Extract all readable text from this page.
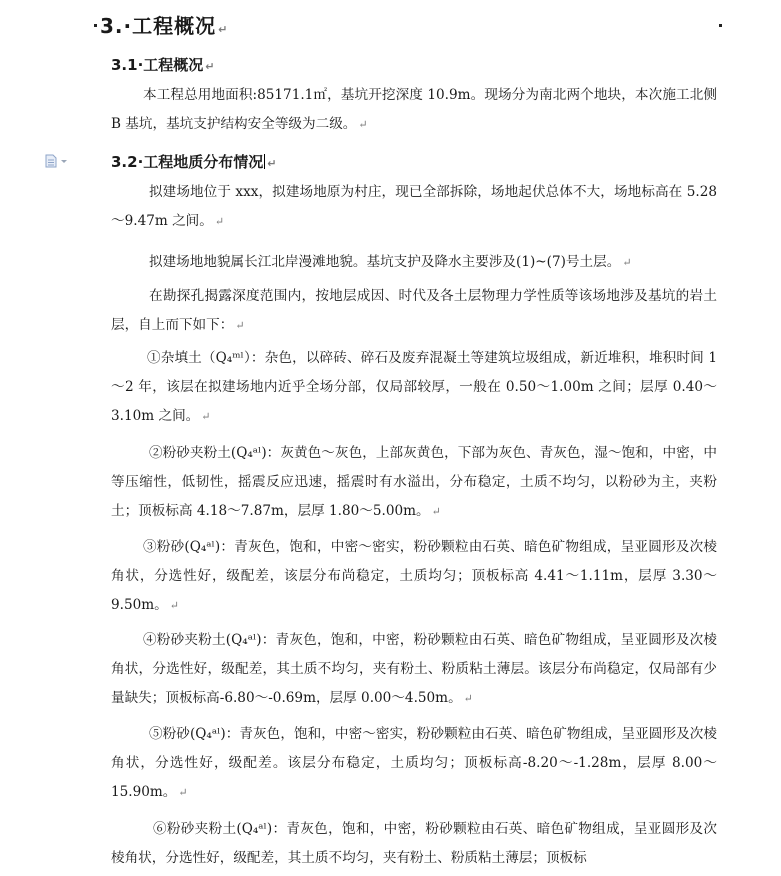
3.·工程概况 ↵
3.1·工程概况 ↵
本工程总用地面积:85171.1㎡，基坑开挖深度 10.9m。现场分为南北两个地块，本次施工北侧 B 基坑，基坑支护结构安全等级为二级。 ↵
3.2·工程地质分布情况 ↵
拟建场地位于 xxx，拟建场地原为村庄，现已全部拆除，场地起伏总体不大，场地标高在 5.28～9.47m 之间。 ↵
拟建场地地貌属长江北岸漫滩地貌。基坑支护及降水主要涉及(1)~(7)号土层。 ↵
在勘探孔揭露深度范围内，按地层成因、时代及各土层物理力学性质等该场地涉及基坑的岩土层，自上而下如下： ↵
①杂填土（Q₄ᵐˡ）：杂色，以碎砖、碎石及废弃混凝土等建筑垃圾组成，新近堆积，堆积时间 1～2 年，该层在拟建场地内近乎全场分部，仅局部较厚，一般在 0.50～1.00m 之间；层厚 0.40～3.10m 之间。 ↵
②粉砂夹粉土(Q₄ᵃˡ)：灰黄色～灰色，上部灰黄色，下部为灰色、青灰色，湿～饱和，中密，中等压缩性，低韧性，摇震反应迅速，摇震时有水溢出，分布稳定，土质不均匀，以粉砂为主，夹粉土；顶板标高 4.18～7.87m，层厚 1.80～5.00m。 ↵
③粉砂(Q₄ᵃˡ)：青灰色，饱和，中密～密实，粉砂颗粒由石英、暗色矿物组成，呈亚圆形及次棱角状，分选性好，级配差，该层分布尚稳定，土质均匀；顶板标高 4.41～1.11m，层厚 3.30～9.50m。 ↵
④粉砂夹粉土(Q₄ᵃˡ)：青灰色，饱和，中密，粉砂颗粒由石英、暗色矿物组成，呈亚圆形及次棱角状，分选性好，级配差，其土质不均匀，夹有粉土、粉质粘土薄层。该层分布尚稳定，仅局部有少量缺失；顶板标高-6.80～-0.69m，层厚 0.00～4.50m。 ↵
⑤粉砂(Q₄ᵃˡ)：青灰色，饱和，中密～密实，粉砂颗粒由石英、暗色矿物组成，呈亚圆形及次棱角状，分选性好，级配差。该层分布稳定，土质均匀；顶板标高-8.20～-1.28m，层厚 8.00～15.90m。 ↵
⑥粉砂夹粉土(Q₄ᵃˡ)：青灰色，饱和，中密，粉砂颗粒由石英、暗色矿物组成，呈亚圆形及次棱角状，分选性好，级配差，其土质不均匀，夹有粉土、粉质粘土薄层；顶板标
